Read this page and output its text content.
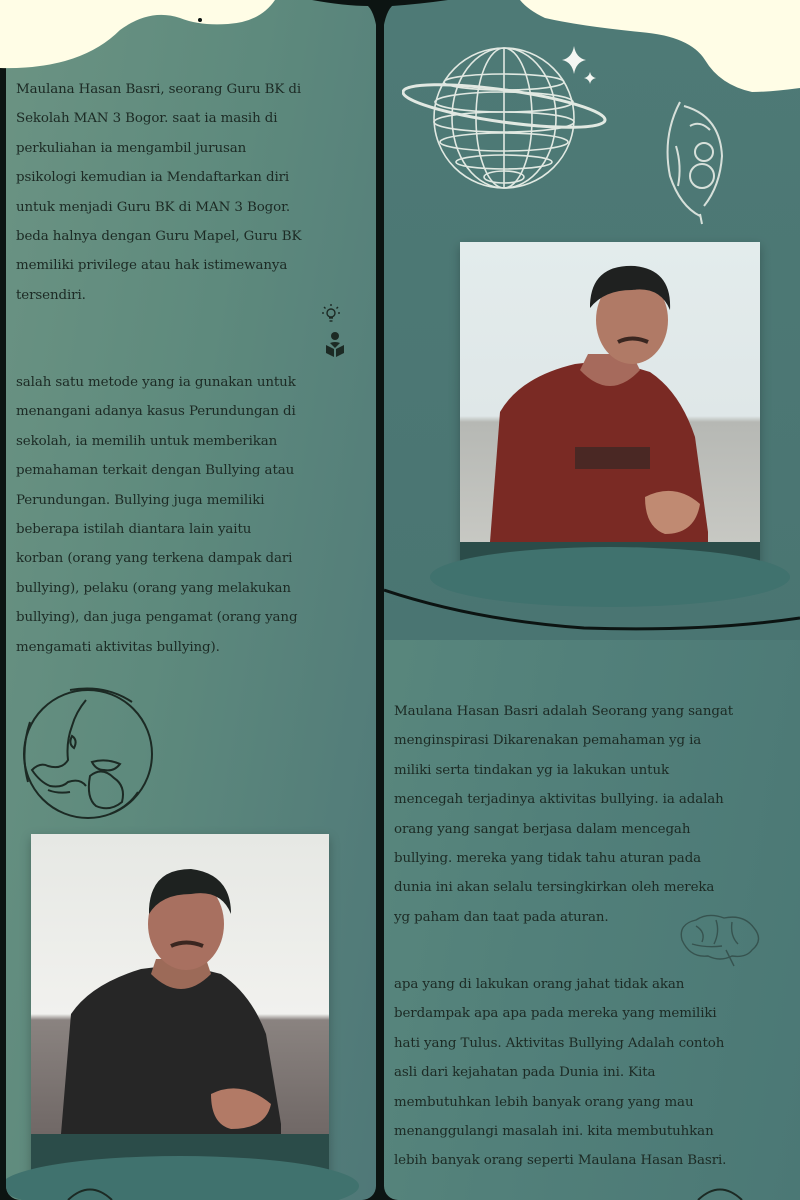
Maulana Hasan Basri, seorang Guru BK di

Sekolah MAN 3 Bogor. saat ia masih di

perkuliahan ia mengambil jurusan

psikologi kemudian ia Mendaftarkan diri

untuk menjadi Guru BK di MAN 3 Bogor.

beda halnya dengan Guru Mapel, Guru BK

memiliki privilege atau hak istimewanya

tersendiri.

salah satu metode yang ia gunakan untuk

menangani adanya kasus Perundungan di

sekolah, ia memilih untuk memberikan

pemahaman terkait dengan Bullying atau

Perundungan. Bullying juga memiliki

beberapa istilah diantara lain yaitu

korban (orang yang terkena dampak dari

bullying), pelaku (orang yang melakukan

bullying), dan juga pengamat (orang yang

mengamati aktivitas bullying).

Maulana Hasan Basri adalah Seorang yang sangat

menginspirasi Dikarenakan pemahaman yg ia

miliki serta tindakan yg ia lakukan untuk

mencegah terjadinya aktivitas bullying. ia adalah

orang yang sangat berjasa dalam mencegah

bullying. mereka yang tidak tahu aturan pada

dunia ini akan selalu tersingkirkan oleh mereka

yg paham dan taat pada aturan.

apa yang di lakukan orang jahat tidak akan

berdampak apa apa pada mereka yang memiliki

hati yang Tulus. Aktivitas Bullying Adalah contoh

asli dari kejahatan pada Dunia ini. Kita

membutuhkan lebih banyak orang yang mau

menanggulangi masalah ini. kita membutuhkan

lebih banyak orang seperti Maulana Hasan Basri.
